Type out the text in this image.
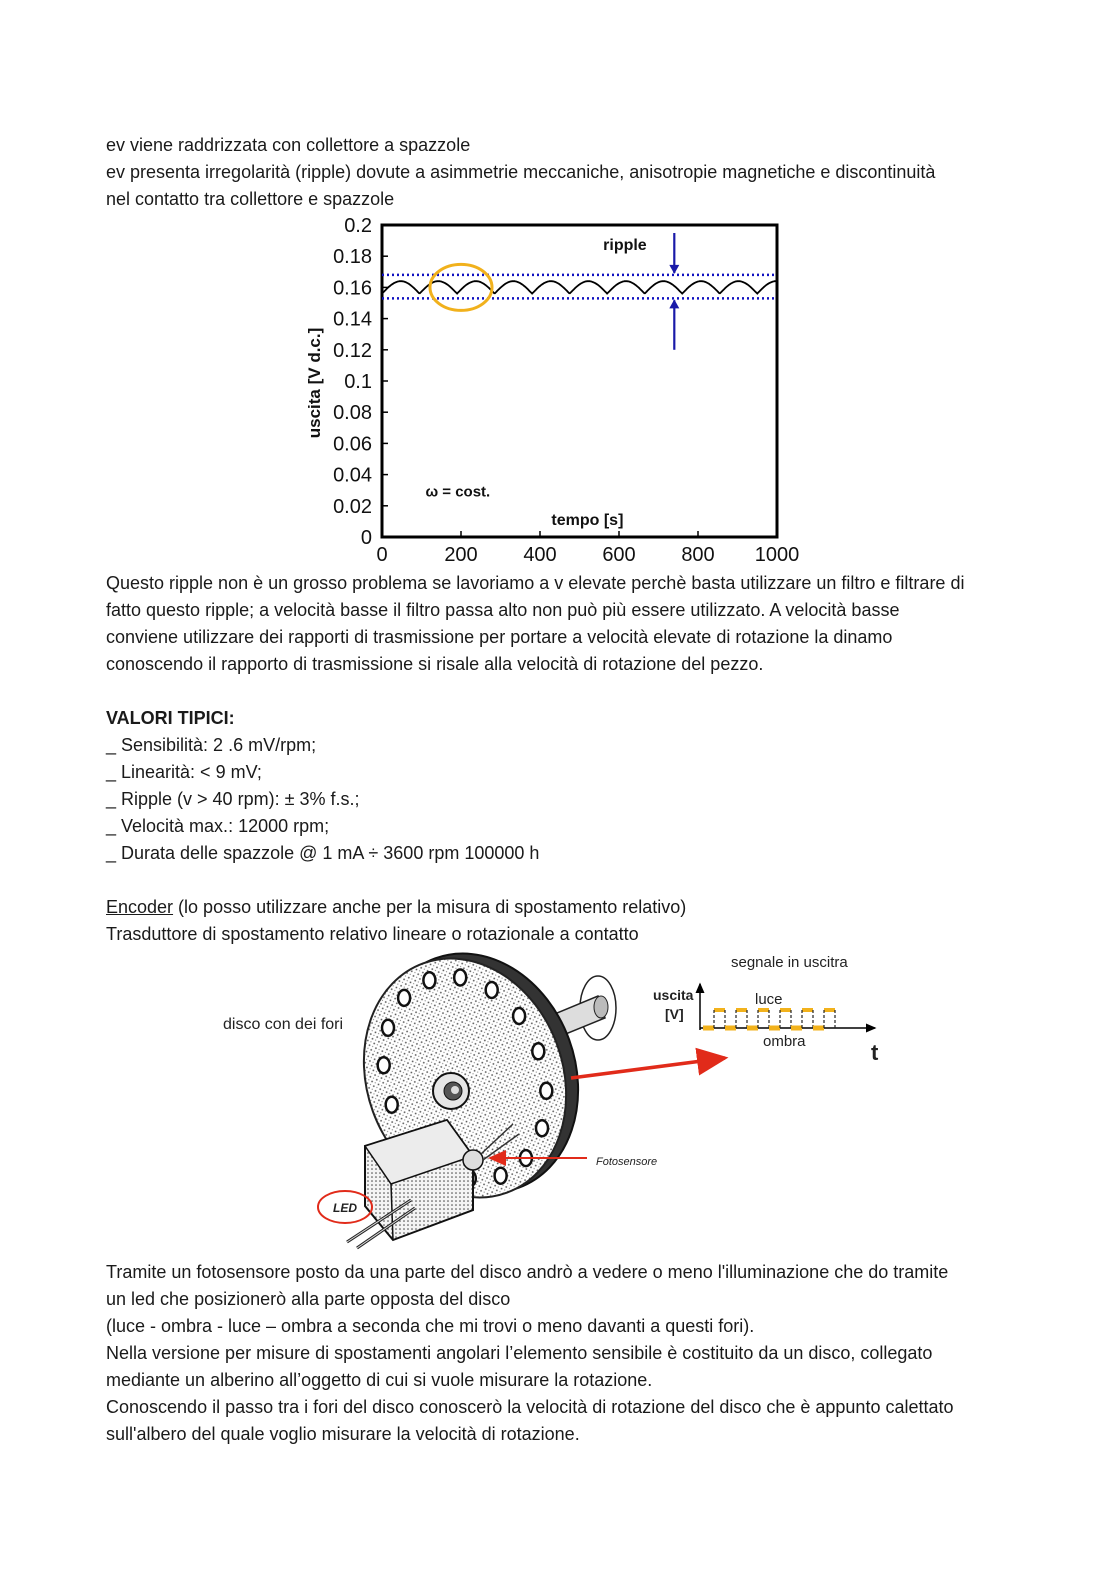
ev viene raddrizzata con collettore a spazzole

ev presenta irregolarità (ripple) dovute a asimmetrie meccaniche, anisotropie magnetiche e discontinuità

nel contatto tra collettore e spazzole

0
0.02
0.04
0.06
0.08
0.1
0.12
0.14
0.16
0.18
0.2
0	200 400 600 800 1000
uscita [V d.c.]
tempo [s]
ripple
ω = cost.

Questo ripple non è un grosso problema se lavoriamo a v elevate perchè basta utilizzare un filtro e filtrare di

fatto questo ripple; a velocità basse il filtro passa alto non può più essere utilizzato. A velocità basse

conviene utilizzare dei rapporti di trasmissione per portare a velocità elevate di rotazione la dinamo

conoscendo il rapporto di trasmissione si risale alla velocità di rotazione del pezzo.

VALORI TIPICI:

_ Sensibilità: 2 .6 mV/rpm;

_ Linearità: < 9 mV;

_ Ripple (v > 40 rpm): ± 3% f.s.;

_ Velocità max.: 12000 rpm;

_ Durata delle spazzole @ 1 mA ÷ 3600 rpm 100000 h

Encoder (lo posso utilizzare anche per la misura di spostamento relativo)

Trasduttore di spostamento relativo lineare o rotazionale a contatto

LED
Fotosensore
disco con dei fori
segnale in uscitra
uscita
[V]
luce
ombra	t

Tramite un fotosensore posto da una parte del disco andrò a vedere o meno l'illuminazione che do tramite

un led che posizionerò alla parte opposta del disco

(luce - ombra - luce – ombra a seconda che mi trovi o meno davanti a questi fori).

Nella versione per misure di spostamenti angolari l’elemento sensibile è costituito da un disco, collegato

mediante un alberino all’oggetto di cui si vuole misurare la rotazione.

Conoscendo il passo tra i fori del disco conoscerò la velocità di rotazione del disco che è appunto calettato

sull'albero del quale voglio misurare la velocità di rotazione.
